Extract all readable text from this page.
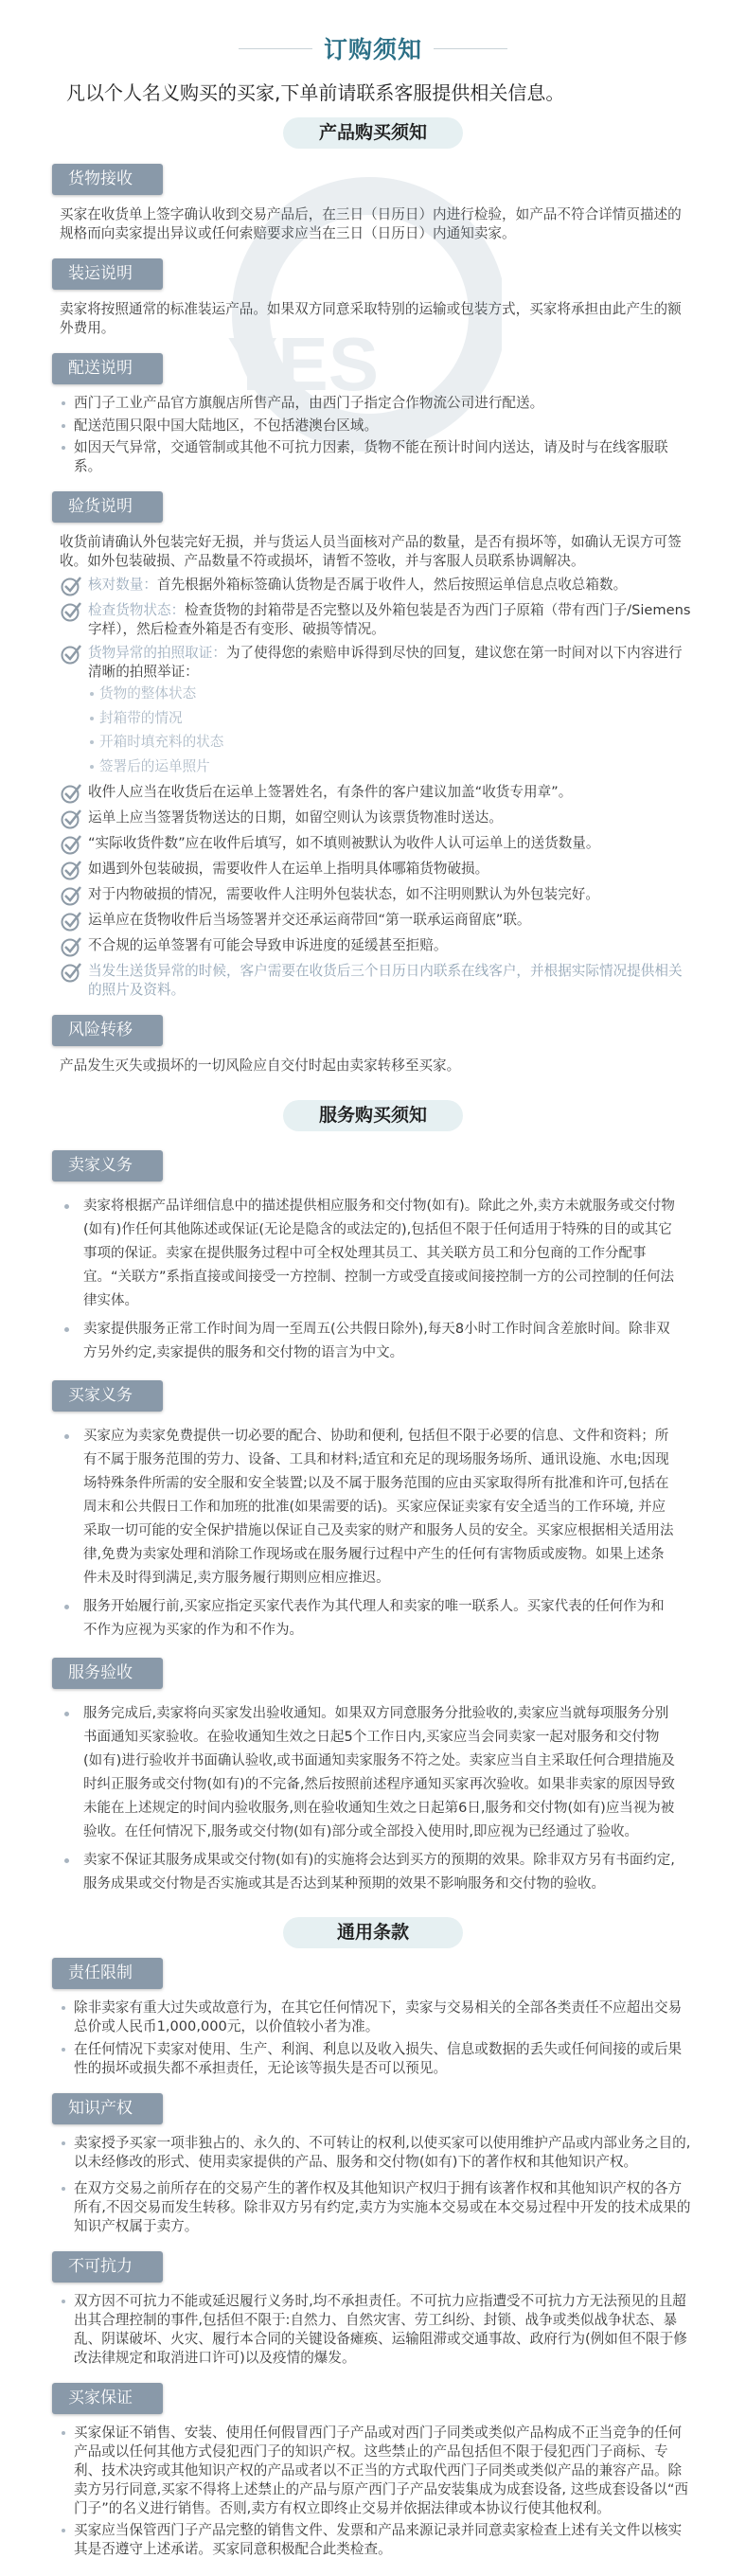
YES
订购须知
凡以个人名义购买的买家,下单前请联系客服提供相关信息。
产品购买须知
货物接收

买家在收货单上签字确认收到交易产品后，在三日（日历日）内进行检验，如产品不符合详情页描述的规格而向卖家提出异议或任何索赔要求应当在三日（日历日）内通知卖家。

装运说明

卖家将按照通常的标准装运产品。如果双方同意采取特别的运输或包装方式，买家将承担由此产生的额外费用。

配送说明
西门子工业产品官方旗舰店所售产品，由西门子指定合作物流公司进行配送。
配送范围只限中国大陆地区，不包括港澳台区域。
如因天气异常，交通管制或其他不可抗力因素，货物不能在预计时间内送达，请及时与在线客服联系。
验货说明

收货前请确认外包装完好无损，并与货运人员当面核对产品的数量，是否有损坏等，如确认无误方可签收。如外包装破损、产品数量不符或损坏，请暂不签收，并与客服人员联系协调解决。

核对数量：首先根据外箱标签确认货物是否属于收件人，然后按照运单信息点收总箱数。
检查货物状态：检查货物的封箱带是否完整以及外箱包装是否为西门子原箱（带有西门子/Siemens字样），然后检查外箱是否有变形、破损等情况。
货物异常的拍照取证：为了使得您的索赔申诉得到尽快的回复，建议您在第一时间对以下内容进行清晰的拍照举证：
货物的整体状态
封箱带的情况
开箱时填充料的状态
签署后的运单照片
收件人应当在收货后在运单上签署姓名，有条件的客户建议加盖“收货专用章”。
运单上应当签署货物送达的日期，如留空则认为该票货物准时送达。
“实际收货件数”应在收件后填写，如不填则被默认为收件人认可运单上的送货数量。
如遇到外包装破损，需要收件人在运单上指明具体哪箱货物破损。
对于内物破损的情况，需要收件人注明外包装状态，如不注明则默认为外包装完好。
运单应在货物收件后当场签署并交还承运商带回“第一联承运商留底”联。
不合规的运单签署有可能会导致申诉进度的延缓甚至拒赔。
当发生送货异常的时候，客户需要在收货后三个日历日内联系在线客户，并根据实际情况提供相关的照片及资料。
风险转移

产品发生灭失或损坏的一切风险应自交付时起由卖家转移至买家。

服务购买须知
卖家义务
卖家将根据产品详细信息中的描述提供相应服务和交付物(如有)。除此之外,卖方未就服务或交付物(如有)作任何其他陈述或保证(无论是隐含的或法定的),包括但不限于任何适用于特殊的目的或其它事项的保证。卖家在提供服务过程中可全权处理其员工、其关联方员工和分包商的工作分配事宜。“关联方”系指直接或间接受一方控制、控制一方或受直接或间接控制一方的公司控制的任何法律实体。
卖家提供服务正常工作时间为周一至周五(公共假日除外),每天8小时工作时间含差旅时间。除非双方另外约定,卖家提供的服务和交付物的语言为中文。
买家义务
买家应为卖家免费提供一切必要的配合、协助和便利, 包括但不限于必要的信息、文件和资料；所有不属于服务范围的劳力、设备、工具和材料;适宜和充足的现场服务场所、通讯设施、水电;因现场特殊条件所需的安全服和安全装置;以及不属于服务范围的应由买家取得所有批准和许可,包括在周末和公共假日工作和加班的批准(如果需要的话)。买家应保证卖家有安全适当的工作环境, 并应采取一切可能的安全保护措施以保证自己及卖家的财产和服务人员的安全。买家应根据相关适用法律,免费为卖家处理和消除工作现场或在服务履行过程中产生的任何有害物质或废物。如果上述条件未及时得到满足,卖方服务履行期则应相应推迟。
服务开始履行前,买家应指定买家代表作为其代理人和卖家的唯一联系人。买家代表的任何作为和不作为应视为买家的作为和不作为。
服务验收
服务完成后,卖家将向买家发出验收通知。如果双方同意服务分批验收的,卖家应当就每项服务分别书面通知买家验收。在验收通知生效之日起5个工作日内,买家应当会同卖家一起对服务和交付物(如有)进行验收并书面确认验收,或书面通知卖家服务不符之处。卖家应当自主采取任何合理措施及时纠正服务或交付物(如有)的不完备,然后按照前述程序通知买家再次验收。如果非卖家的原因导致未能在上述规定的时间内验收服务,则在验收通知生效之日起第6日,服务和交付物(如有)应当视为被验收。在任何情况下,服务或交付物(如有)部分或全部投入使用时,即应视为已经通过了验收。
卖家不保证其服务成果或交付物(如有)的实施将会达到买方的预期的效果。除非双方另有书面约定,服务成果或交付物是否实施或其是否达到某种预期的效果不影响服务和交付物的验收。
通用条款
责任限制
除非卖家有重大过失或故意行为，在其它任何情况下，卖家与交易相关的全部各类责任不应超出交易总价或人民币1,000,000元，以价值较小者为准。
在任何情况下卖家对使用、生产、利润、利息以及收入损失、信息或数据的丢失或任何间接的或后果性的损坏或损失都不承担责任，无论该等损失是否可以预见。
知识产权
卖家授予买家一项非独占的、永久的、不可转让的权利,以使买家可以使用维护产品或内部业务之目的,以未经修改的形式、使用卖家提供的产品、服务和交付物(如有)下的著作权和其他知识产权。
在双方交易之前所存在的交易产生的著作权及其他知识产权归于拥有该著作权和其他知识产权的各方所有,不因交易而发生转移。除非双方另有约定,卖方为实施本交易或在本交易过程中开发的技术成果的知识产权属于卖方。
不可抗力
双方因不可抗力不能或延迟履行义务时,均不承担责任。不可抗力应指遭受不可抗力方无法预见的且超出其合理控制的事件,包括但不限于:自然力、自然灾害、劳工纠纷、封锁、战争或类似战争状态、暴乱、阴谋破坏、火灾、履行本合同的关键设备瘫痪、运输阻滞或交通事故、政府行为(例如但不限于修改法律规定和取消进口许可)以及疫情的爆发。
买家保证
买家保证不销售、安装、使用任何假冒西门子产品或对西门子同类或类似产品构成不正当竞争的任何产品或以任何其他方式侵犯西门子的知识产权。这些禁止的产品包括但不限于侵犯西门子商标、专利、技术决窍或其他知识产权的产品或者以不正当的方式取代西门子同类或类似产品的兼容产品。除卖方另行同意,买家不得将上述禁止的产品与原产西门子产品安装集成为成套设备, 这些成套设备以“西门子”的名义进行销售。否则,卖方有权立即终止交易并依据法律或本协议行使其他权利。
买家应当保管西门子产品完整的销售文件、发票和产品来源记录并同意卖家检查上述有关文件以核实其是否遵守上述承诺。买家同意积极配合此类检查。
